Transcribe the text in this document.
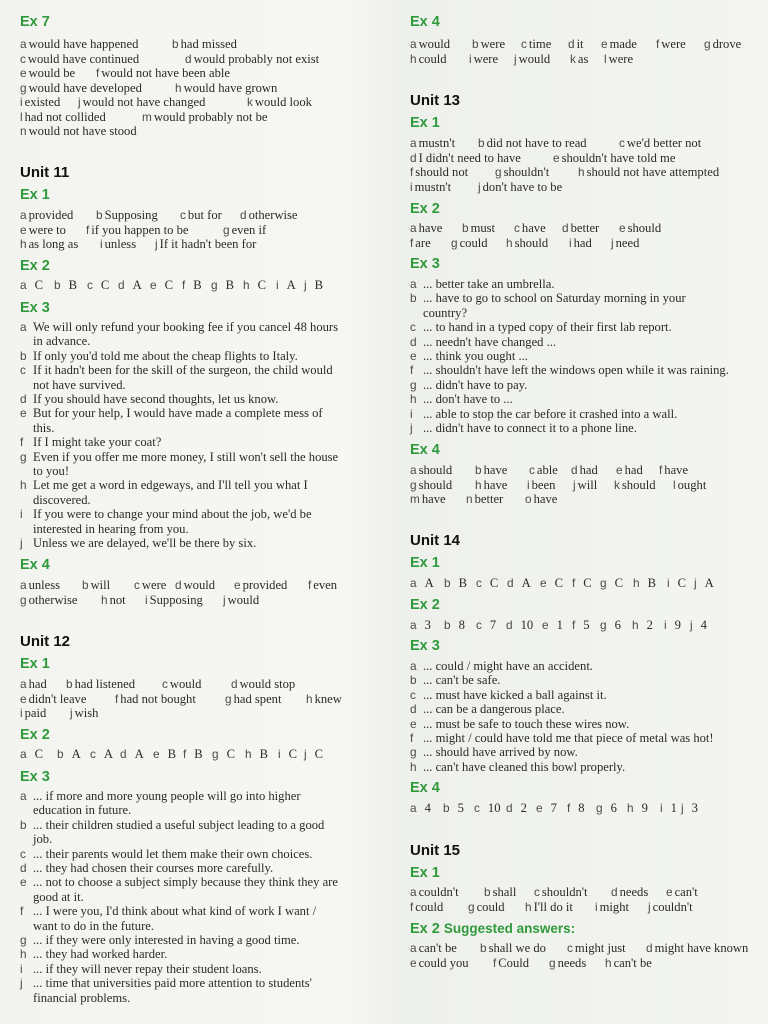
Ex 7
a would have happened	b had missed
c would have continued	d would probably not exist
e would be f would not have been able
g would have developed	h would have grown
i existed j would not have changed	k would look
l had not collided	m would probably not be
n would not have stood
Unit 11
Ex 1
a provided b Supposing c but for d otherwise
e were to f if you happen to be	g even if
h as long as i unless j If it hadn't been for
Ex 2
a C b B c C d A e C f B g B h C i A j B
Ex 3
a We will only refund your booking fee if you cancel 48 hours
in advance.
b If only you'd told me about the cheap flights to Italy.
c If it hadn't been for the skill of the surgeon, the child would
not have survived.
d If you should have second thoughts, let us know.
e But for your help, I would have made a complete mess of
this.
f If I might take your coat?
g Even if you offer me more money, I still won't sell the house
to you!
h Let me get a word in edgeways, and I'll tell you what I
discovered.
i If you were to change your mind about the job, we'd be
interested in hearing from you.
j Unless we are delayed, we'll be there by six.
Ex 4
a unless b will c were d would e provided f even
g otherwise h not i Supposing j would
Unit 12
Ex 1
a had b had listened c would	d would stop
e didn't leave f had not bought g had spent h knew
i paid j wish
Ex 2
a C b A c A d A e B f B g C h B i C j C
Ex 3
a ... if more and more young people will go into higher
education in future.
b ... their children studied a useful subject leading to a good
job.
c ... their parents would let them make their own choices.
d ... they had chosen their courses more carefully.
e ... not to choose a subject simply because they think they are
good at it.
f ... I were you, I'd think about what kind of work I want /
want to do in the future.
g ... if they were only interested in having a good time.
h ... they had worked harder.
i ... if they will never repay their student loans.
j ... time that universities paid more attention to students'
financial problems.
Ex 4
a would b were c time d it e made f were g drove
h could i were j would k as l were
Unit 13
Ex 1
a mustn't b did not have to read	c we'd better not
d I didn't need to have	e shouldn't have told me
f should not g shouldn't h should not have attempted
i mustn't j don't have to be
Ex 2
a have b must c have d better e should
f are g could h should i had j need
Ex 3
a ... better take an umbrella.
b ... have to go to school on Saturday morning in your
country?
c ... to hand in a typed copy of their first lab report.
d ... needn't have changed ...
e ... think you ought ...
f ... shouldn't have left the windows open while it was raining.
g ... didn't have to pay.
h ... don't have to ...
i ... able to stop the car before it crashed into a wall.
j ... didn't have to connect it to a phone line.
Ex 4
a should b have c able d had e had f have
g should h have i been j will k should l ought
m have n better o have
Unit 14
Ex 1
a A b B c C d A e C f C g C h B i C j A
Ex 2
a 3 b 8 c 7 d 10 e 1 f 5 g 6 h 2 i 9 j 4
Ex 3
a ... could / might have an accident.
b ... can't be safe.
c ... must have kicked a ball against it.
d ... can be a dangerous place.
e ... must be safe to touch these wires now.
f ... might / could have told me that piece of metal was hot!
g ... should have arrived by now.
h ... can't have cleaned this bowl properly.
Ex 4
a 4 b 5 c 10 d 2 e 7 f 8 g 6 h 9 i 1 j 3
Unit 15
Ex 1
a couldn't b shall c shouldn't d needs e can't
f could g could h I'll do it i might j couldn't
Ex 2 Suggested answers:
a can't be b shall we do c might just d might have known
e could you f Could g needs h can't be
